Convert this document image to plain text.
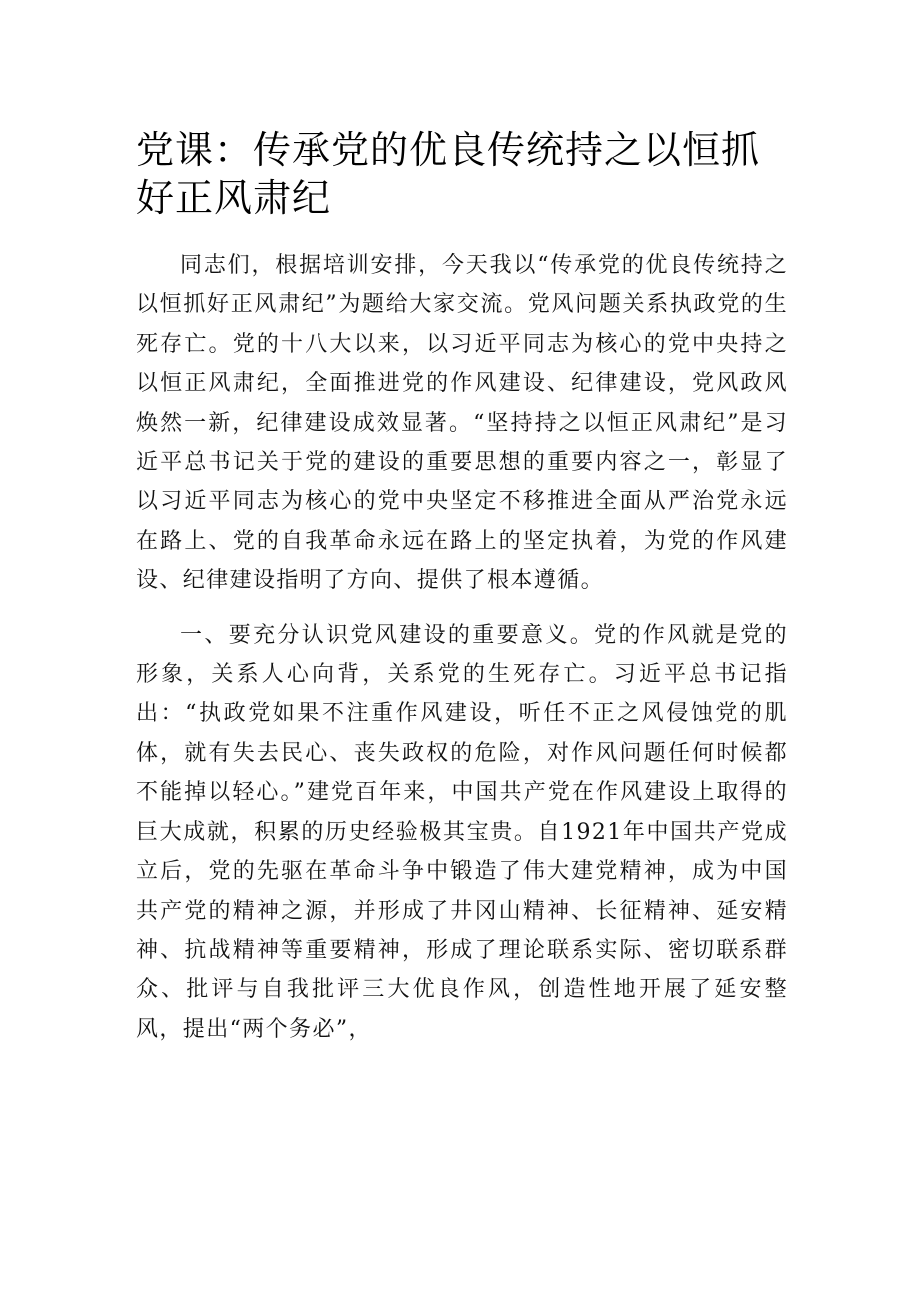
党课：传承党的优良传统持之以恒抓好正风肃纪

同志们，根据培训安排，今天我以“传承党的优良传统持之以恒抓好正风肃纪”为题给大家交流。党风问题关系执政党的生死存亡。党的十八大以来，以习近平同志为核心的党中央持之以恒正风肃纪，全面推进党的作风建设、纪律建设，党风政风焕然一新，纪律建设成效显著。“坚持持之以恒正风肃纪”是习近平总书记关于党的建设的重要思想的重要内容之一，彰显了以习近平同志为核心的党中央坚定不移推进全面从严治党永远在路上、党的自我革命永远在路上的坚定执着，为党的作风建设、纪律建设指明了方向、提供了根本遵循。

一、要充分认识党风建设的重要意义。党的作风就是党的形象，关系人心向背，关系党的生死存亡。习近平总书记指出：“执政党如果不注重作风建设，听任不正之风侵蚀党的肌体，就有失去民心、丧失政权的危险，对作风问题任何时候都不能掉以轻心。”建党百年来，中国共产党在作风建设上取得的巨大成就，积累的历史经验极其宝贵。自1921年中国共产党成立后，党的先驱在革命斗争中锻造了伟大建党精神，成为中国共产党的精神之源，并形成了井冈山精神、长征精神、延安精神、抗战精神等重要精神，形成了理论联系实际、密切联系群众、批评与自我批评三大优良作风，创造性地开展了延安整风，提出“两个务必”，
